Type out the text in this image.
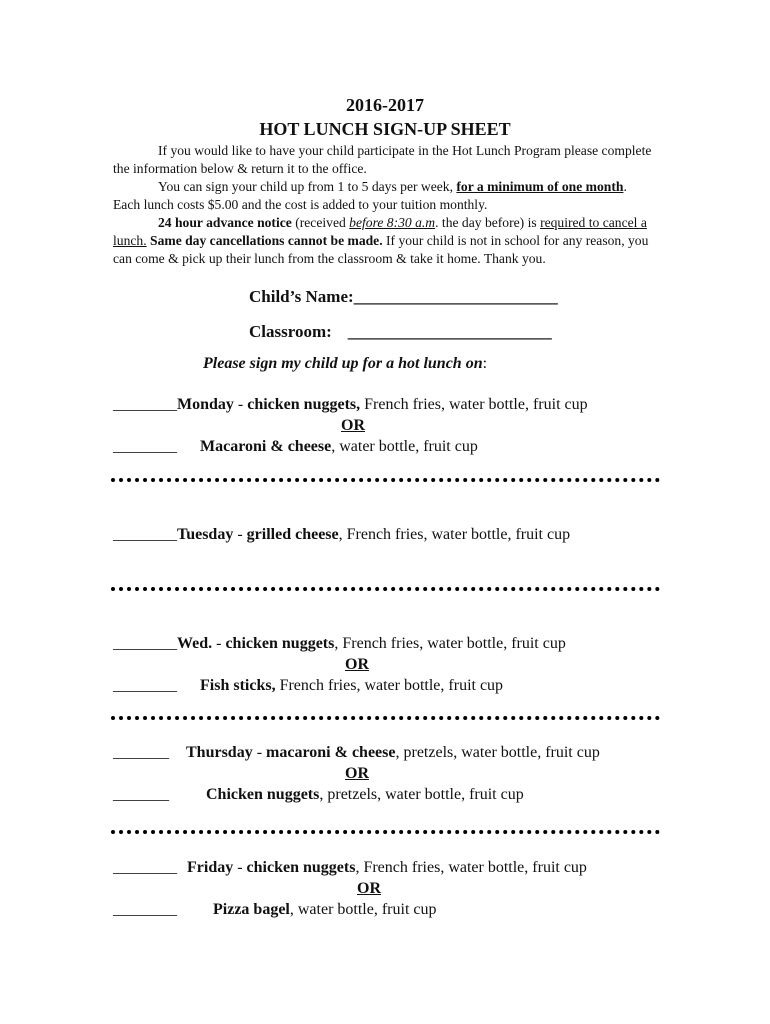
2016-2017
HOT LUNCH SIGN-UP SHEET
If you would like to have your child participate in the Hot Lunch Program please complete the information below & return it to the office.
You can sign your child up from 1 to 5 days per week, for a minimum of one month. Each lunch costs $5.00 and the cost is added to your tuition monthly.
24 hour advance notice (received before 8:30 a.m. the day before) is required to cancel a lunch. Same day cancellations cannot be made. If your child is not in school for any reason, you can come & pick up their lunch from the classroom & take it home. Thank you.
Child’s Name:________________________
Classroom: ________________________
Please sign my child up for a hot lunch on:
________Monday - chicken nuggets, French fries, water bottle, fruit cup
OR
________ Macaroni & cheese, water bottle, fruit cup
________Tuesday - grilled cheese, French fries, water bottle, fruit cup
________Wed. - chicken nuggets, French fries, water bottle, fruit cup
OR
________ Fish sticks, French fries, water bottle, fruit cup
_______ Thursday - macaroni & cheese, pretzels, water bottle, fruit cup
OR
_______ Chicken nuggets, pretzels, water bottle, fruit cup
________ Friday - chicken nuggets, French fries, water bottle, fruit cup
OR
________ Pizza bagel, water bottle, fruit cup
